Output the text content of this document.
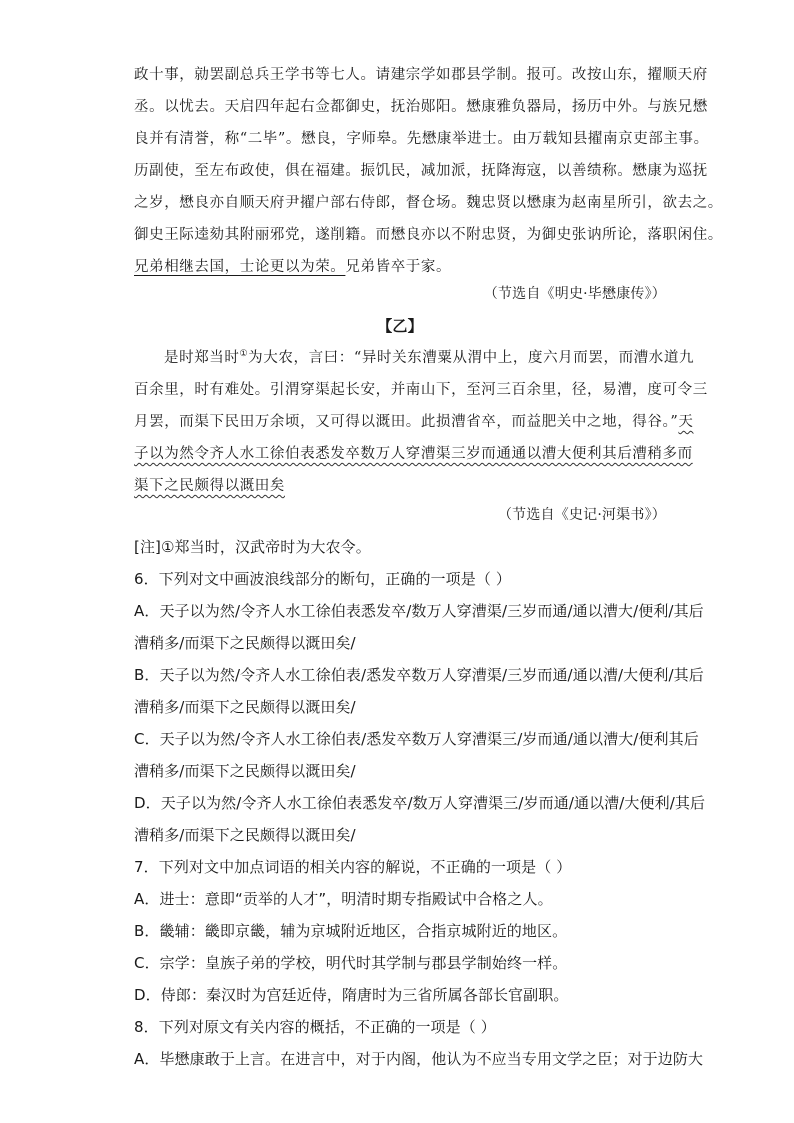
政十事，勍罢副总兵王学书等七人。请建宗学如郡县学制。报可。改按山东，擢顺天府
丞。以忧去。天启四年起右佥都御史，抚治郧阳。懋康雅负器局，扬历中外。与族兄懋
良并有清誉，称“二毕”。懋良，字师皋。先懋康举进士。由万载知县擢南京吏部主事。
历副使，至左布政使，俱在福建。振饥民，减加派，抚降海寇，以善绩称。懋康为巡抚
之岁，懋良亦自顺天府尹擢户部右侍郎，督仓场。魏忠贤以懋康为赵南星所引，欲去之。
御史王际逵劾其附丽邪党，遂削籍。而懋良亦以不附忠贤，为御史张讷所论，落职闲住。
兄弟相继去国，士论更以为荣。兄弟皆卒于家。
（节选自《明史·毕懋康传》）
【乙】
是时郑当时①为大农，言曰：“异时关东漕粟从渭中上，度六月而罢，而漕水道九
百余里，时有难处。引渭穿渠起长安，并南山下，至河三百余里，径，易漕，度可令三
月罢，而渠下民田万余顷，又可得以溉田。此损漕省卒，而益肥关中之地，得谷。”天
子以为然令齐人水工徐伯表悉发卒数万人穿漕渠三岁而通通以漕大便利其后漕稍多而
渠下之民颇得以溉田矣
（节选自《史记·河渠书》）
[注]①郑当时，汉武帝时为大农令。
6．下列对文中画波浪线部分的断句，正确的一项是（ ）
A．天子以为然/令齐人水工徐伯表悉发卒/数万人穿漕渠/三岁而通/通以漕大/便利/其后
漕稍多/而渠下之民颇得以溉田矣/
B．天子以为然/令齐人水工徐伯表/悉发卒数万人穿漕渠/三岁而通/通以漕/大便利/其后
漕稍多/而渠下之民颇得以溉田矣/
C．天子以为然/令齐人水工徐伯表/悉发卒数万人穿漕渠三/岁而通/通以漕大/便利其后
漕稍多/而渠下之民颇得以溉田矣/
D．天子以为然/令齐人水工徐伯表悉发卒/数万人穿漕渠三/岁而通/通以漕/大便利/其后
漕稍多/而渠下之民颇得以溉田矣/
7．下列对文中加点词语的相关内容的解说，不正确的一项是（ ）
A．进士：意即“贡举的人才”，明清时期专指殿试中合格之人。
B．畿辅：畿即京畿，辅为京城附近地区，合指京城附近的地区。
C．宗学：皇族子弟的学校，明代时其学制与郡县学制始终一样。
D．侍郎：秦汉时为宫廷近侍，隋唐时为三省所属各部长官副职。
8．下列对原文有关内容的概括，不正确的一项是（ ）
A．毕懋康敢于上言。在进言中，对于内阁，他认为不应当专用文学之臣；对于边防大
